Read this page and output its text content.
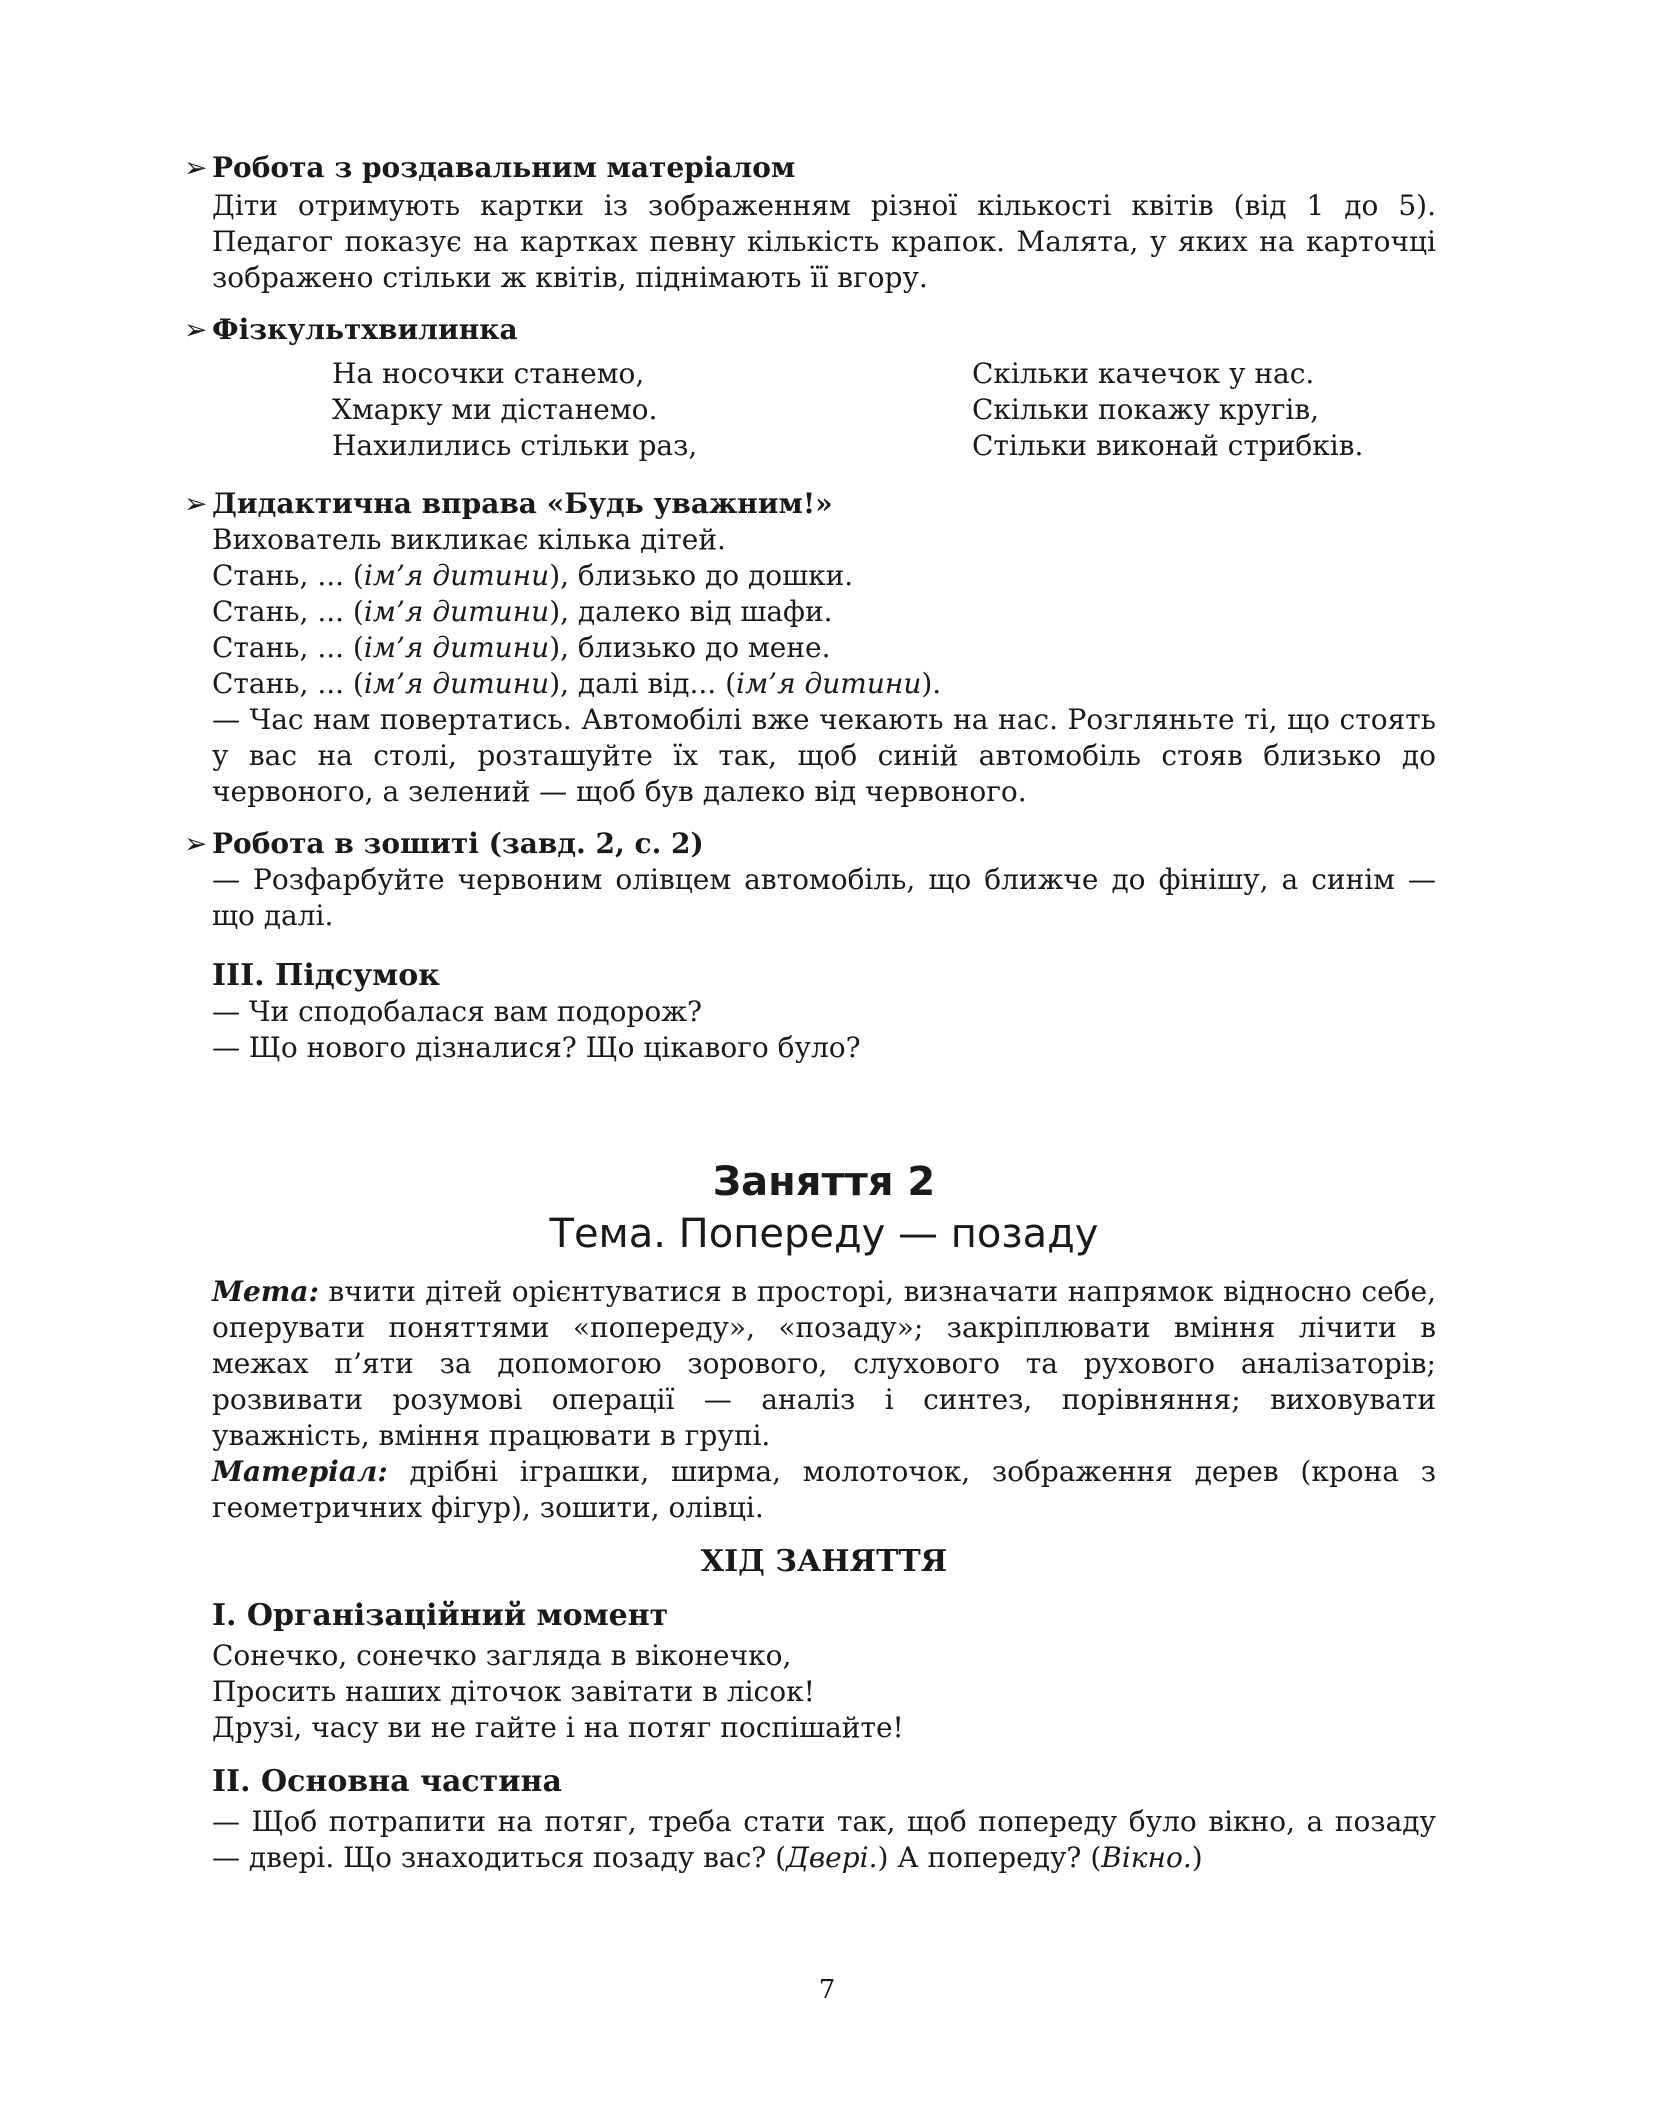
➢ Робота з роздавальним матеріалом

Діти отримують картки із зображенням різної кількості квітів (від 1 до 5). Педагог показує на картках певну кількість крапок. Малята, у яких на карточці зображено стільки ж квітів, піднімають її вгору.

➢ Фізкультхвилинка

На носочки станемо,

Хмарку ми дістанемо.

Нахилились стільки раз,

Скільки качечок у нас.

Скільки покажу кругів,

Стільки виконай стрибків.

➢ Дидактична вправа «Будь уважним!»

Вихователь викликає кілька дітей.

Стань, ... (ім’я дитини), близько до дошки.

Стань, ... (ім’я дитини), далеко від шафи.

Стань, ... (ім’я дитини), близько до мене.

Стань, ... (ім’я дитини), далі від... (ім’я дитини).

— Час нам повертатись. Автомобілі вже чекають на нас. Розгляньте ті, що стоять у вас на столі, розташуйте їх так, щоб синій автомобіль стояв близько до червоного, а зелений — щоб був далеко від червоного.

➢ Робота в зошиті (завд. 2, с. 2)

— Розфарбуйте червоним олівцем автомобіль, що ближче до фінішу, а синім — що далі.

ІІІ. Підсумок

— Чи сподобалася вам подорож?

— Що нового дізналися? Що цікавого було?

Заняття 2

Тема. Попереду — позаду

Мета: вчити дітей орієнтуватися в просторі, визначати напрямок відносно себе, оперувати поняттями «попереду», «позаду»; закріплювати вміння лічити в межах п’яти за допомогою зорового, слухового та рухового аналізаторів; розвивати розумові операції — аналіз і синтез, порівняння; виховувати уважність, вміння працювати в групі.

Матеріал: дрібні іграшки, ширма, молоточок, зображення дерев (крона з геометричних фігур), зошити, олівці.

ХІД ЗАНЯТТЯ

І. Організаційний момент

Сонечко, сонечко загляда в віконечко,

Просить наших діточок завітати в лісок!

Друзі, часу ви не гайте і на потяг поспішайте!

ІІ. Основна частина

— Щоб потрапити на потяг, треба стати так, щоб попереду було вікно, а позаду — двері. Що знаходиться позаду вас? (Двері.) А попереду? (Вікно.)

7
